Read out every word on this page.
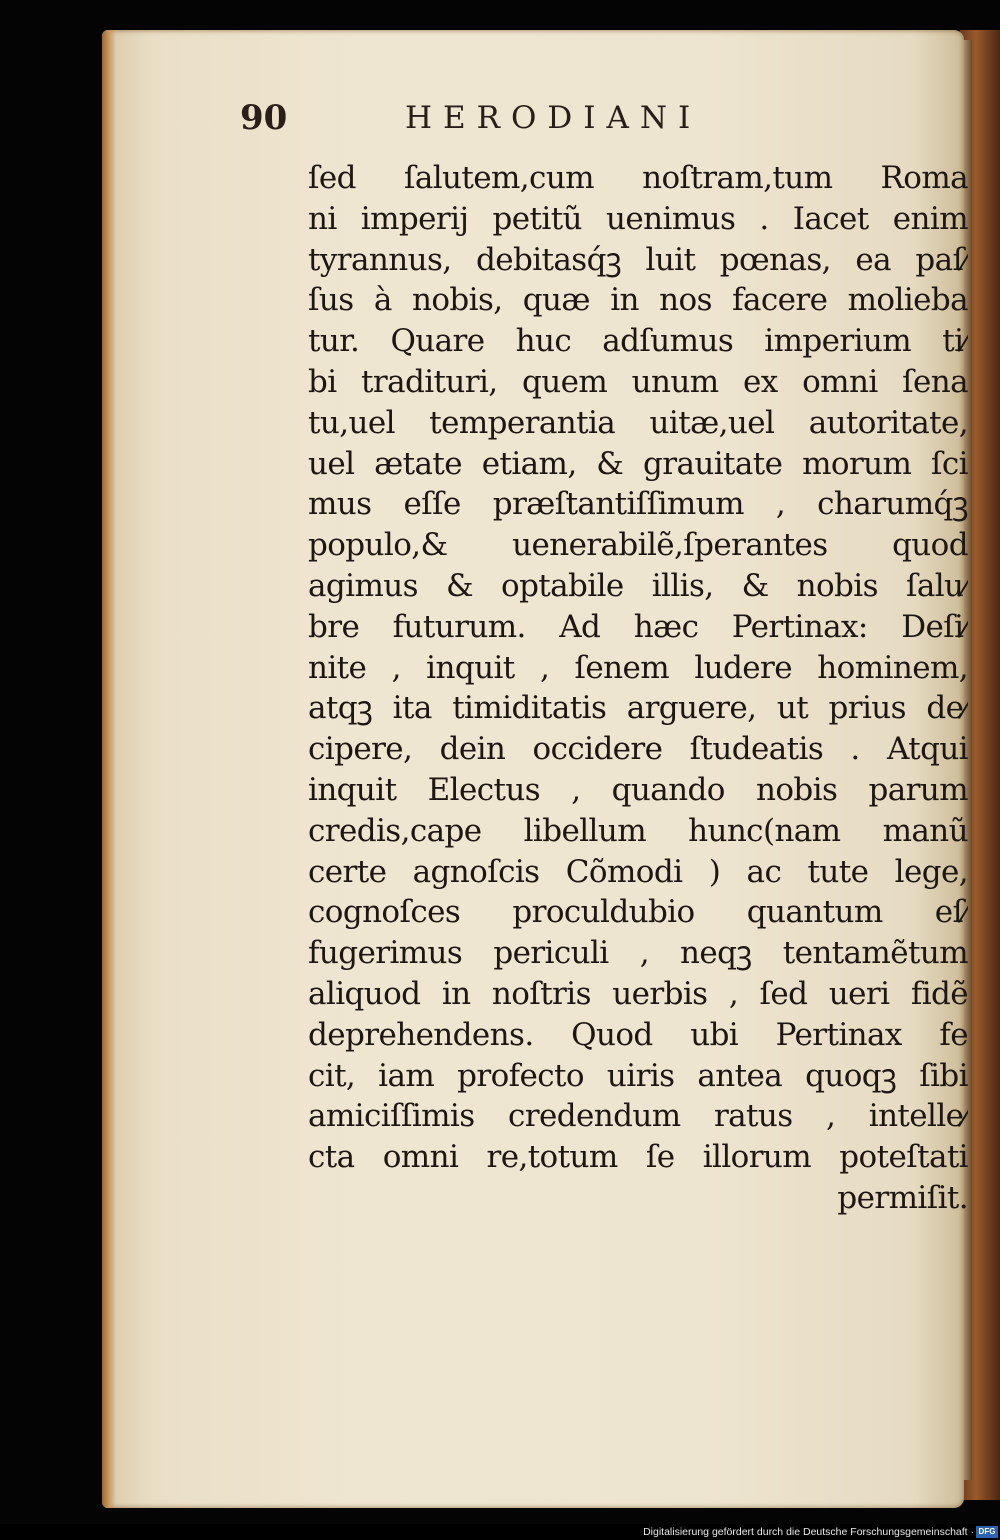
90	HERODIANI
ſed ſalutem,cum noſtram,tum Roma
ni imperij petitũ uenimus . Iacet enim
tyrannus, debitasq́ꝫ luit pœnas, ea paſ⁄
ſus à nobis, quæ in nos facere molieba
tur. Quare huc adſumus imperium ti⁄
bi tradituri, quem unum ex omni ſena
tu,uel temperantia uitæ,uel autoritate,
uel ætate etiam, & grauitate morum ſci
mus eſſe præſtantiſſimum , charumq́ꝫ
populo,& uenerabilẽ,ſperantes quod
agimus & optabile illis, & nobis ſalu⁄
bre futurum. Ad hæc Pertinax: Deſi⁄
nite , inquit , ſenem ludere hominem,
atqꝫ ita timiditatis arguere, ut prius de⁄
cipere, dein occidere ſtudeatis . Atqui
inquit Electus , quando nobis parum
credis,cape libellum hunc(nam manũ
certe agnoſcis Cõmodi ) ac tute lege,
cognoſces proculdubio quantum eſ⁄
fugerimus periculi , neqꝫ tentamẽtum
aliquod in noſtris uerbis , ſed ueri fidẽ
deprehendens. Quod ubi Pertinax fe
cit, iam profecto uiris antea quoqꝫ ſibi
amiciſſimis credendum ratus , intelle⁄
cta omni re,totum ſe illorum poteſtati
permiſit.
Digitalisierung gefördert durch die Deutsche Forschungsgemeinschaft · DFG
